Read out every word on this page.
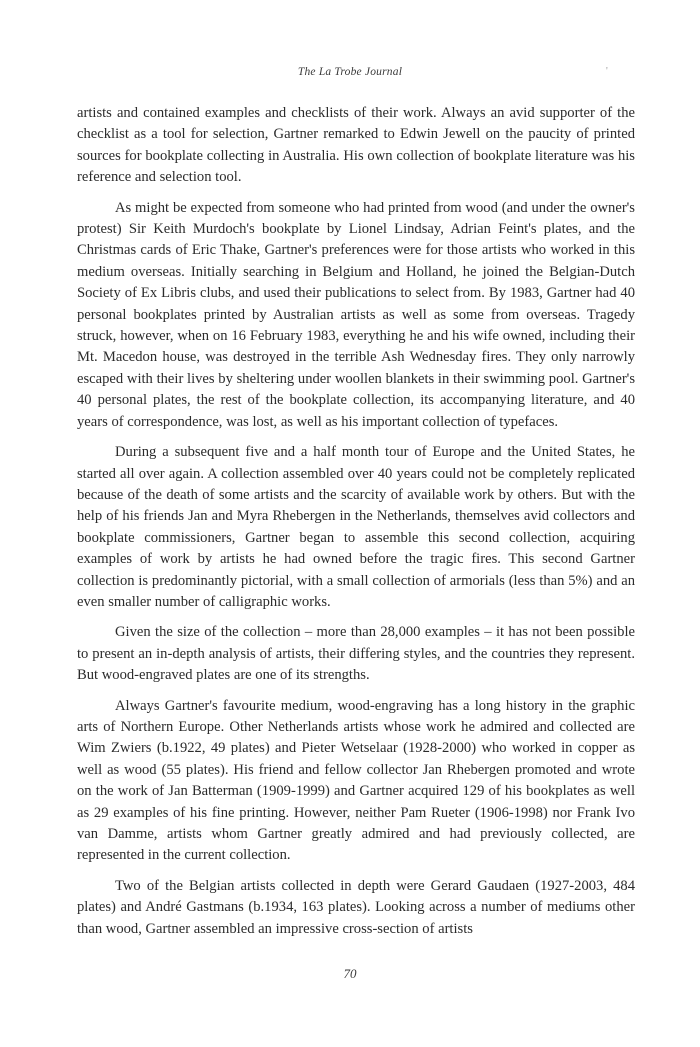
The La Trobe Journal	'

artists and contained examples and checklists of their work. Always an avid supporter of the checklist as a tool for selection, Gartner remarked to Edwin Jewell on the paucity of printed sources for bookplate collecting in Australia. His own collection of bookplate literature was his reference and selection tool.

As might be expected from someone who had printed from wood (and under the owner's protest) Sir Keith Murdoch's bookplate by Lionel Lindsay, Adrian Feint's plates, and the Christmas cards of Eric Thake, Gartner's preferences were for those artists who worked in this medium overseas. Initially searching in Belgium and Holland, he joined the Belgian-Dutch Society of Ex Libris clubs, and used their publications to select from. By 1983, Gartner had 40 personal bookplates printed by Australian artists as well as some from overseas. Tragedy struck, however, when on 16 February 1983, everything he and his wife owned, including their Mt. Macedon house, was destroyed in the terrible Ash Wednesday fires. They only narrowly escaped with their lives by sheltering under woollen blankets in their swimming pool. Gartner's 40 personal plates, the rest of the bookplate collection, its accompanying literature, and 40 years of correspondence, was lost, as well as his important collection of typefaces.

During a subsequent five and a half month tour of Europe and the United States, he started all over again. A collection assembled over 40 years could not be completely replicated because of the death of some artists and the scarcity of available work by others. But with the help of his friends Jan and Myra Rhebergen in the Netherlands, themselves avid collectors and bookplate commissioners, Gartner began to assemble this second collection, acquiring examples of work by artists he had owned before the tragic fires. This second Gartner collection is predominantly pictorial, with a small collection of armorials (less than 5%) and an even smaller number of calligraphic works.

Given the size of the collection – more than 28,000 examples – it has not been possible to present an in-depth analysis of artists, their differing styles, and the countries they represent. But wood-engraved plates are one of its strengths.

Always Gartner's favourite medium, wood-engraving has a long history in the graphic arts of Northern Europe. Other Netherlands artists whose work he admired and collected are Wim Zwiers (b.1922, 49 plates) and Pieter Wetselaar (1928-2000) who worked in copper as well as wood (55 plates). His friend and fellow collector Jan Rhebergen promoted and wrote on the work of Jan Batterman (1909-1999) and Gartner acquired 129 of his bookplates as well as 29 examples of his fine printing. However, neither Pam Rueter (1906-1998) nor Frank Ivo van Damme, artists whom Gartner greatly admired and had previously collected, are represented in the current collection.

Two of the Belgian artists collected in depth were Gerard Gaudaen (1927-2003, 484 plates) and André Gastmans (b.1934, 163 plates). Looking across a number of mediums other than wood, Gartner assembled an impressive cross-section of artists

70
